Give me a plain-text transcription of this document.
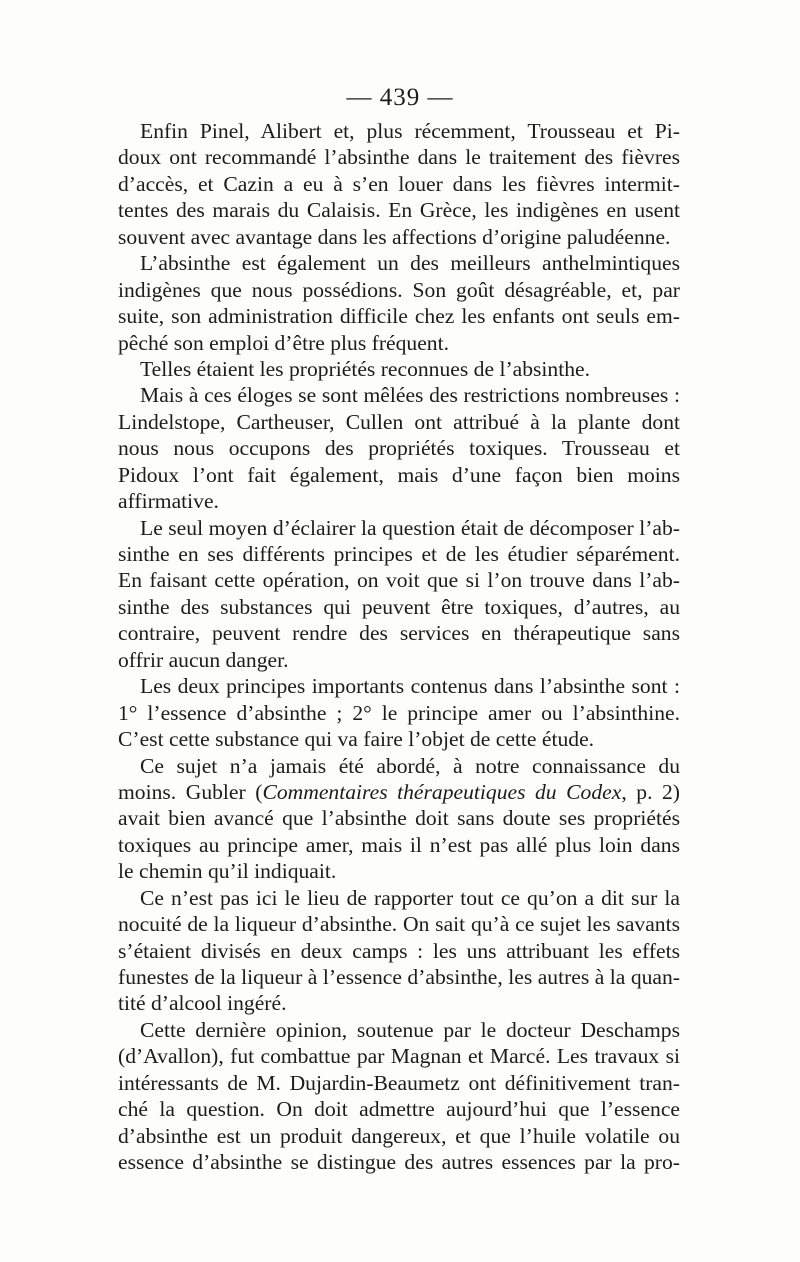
— 439 —
Enfin Pinel, Alibert et, plus récemment, Trousseau et Pi-
doux ont recommandé l’absinthe dans le traitement des fièvres
d’accès, et Cazin a eu à s’en louer dans les fièvres intermit-
tentes des marais du Calaisis. En Grèce, les indigènes en usent
souvent avec avantage dans les affections d’origine paludéenne.
L’absinthe est également un des meilleurs anthelmintiques
indigènes que nous possédions. Son goût désagréable, et, par
suite, son administration difficile chez les enfants ont seuls em-
pêché son emploi d’être plus fréquent.
Telles étaient les propriétés reconnues de l’absinthe.
Mais à ces éloges se sont mêlées des restrictions nombreuses :
Lindelstope, Cartheuser, Cullen ont attribué à la plante dont
nous nous occupons des propriétés toxiques. Trousseau et
Pidoux l’ont fait également, mais d’une façon bien moins
affirmative.
Le seul moyen d’éclairer la question était de décomposer l’ab-
sinthe en ses différents principes et de les étudier séparément.
En faisant cette opération, on voit que si l’on trouve dans l’ab-
sinthe des substances qui peuvent être toxiques, d’autres, au
contraire, peuvent rendre des services en thérapeutique sans
offrir aucun danger.
Les deux principes importants contenus dans l’absinthe sont :
1° l’essence d’absinthe ; 2° le principe amer ou l’absinthine.
C’est cette substance qui va faire l’objet de cette étude.
Ce sujet n’a jamais été abordé, à notre connaissance du
moins. Gubler (Commentaires thérapeutiques du Codex, p. 2)
avait bien avancé que l’absinthe doit sans doute ses propriétés
toxiques au principe amer, mais il n’est pas allé plus loin dans
le chemin qu’il indiquait.
Ce n’est pas ici le lieu de rapporter tout ce qu’on a dit sur la
nocuité de la liqueur d’absinthe. On sait qu’à ce sujet les savants
s’étaient divisés en deux camps : les uns attribuant les effets
funestes de la liqueur à l’essence d’absinthe, les autres à la quan-
tité d’alcool ingéré.
Cette dernière opinion, soutenue par le docteur Deschamps
(d’Avallon), fut combattue par Magnan et Marcé. Les travaux si
intéressants de M. Dujardin-Beaumetz ont définitivement tran-
ché la question. On doit admettre aujourd’hui que l’essence
d’absinthe est un produit dangereux, et que l’huile volatile ou
essence d’absinthe se distingue des autres essences par la pro-
